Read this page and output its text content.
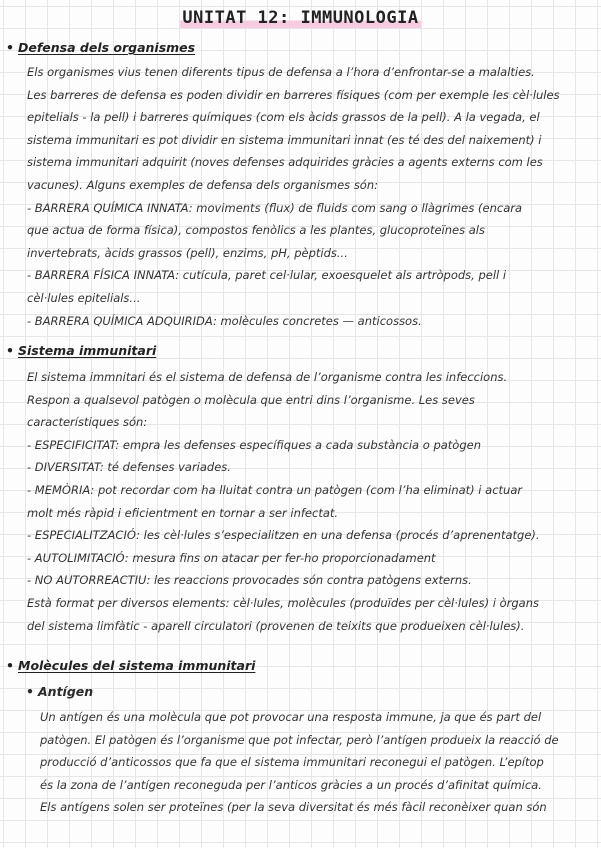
UNITAT 12: IMMUNOLOGIA
• Defensa dels organismes
Els organismes vius tenen diferents tipus de defensa a l’hora d’enfrontar-se a malalties.
Les barreres de defensa es poden dividir en barreres físiques (com per exemple les cèl·lules
epitelials - la pell) i barreres químiques (com els àcids grassos de la pell). A la vegada, el
sistema immunitari es pot dividir en sistema immunitari innat (es té des del naixement) i
sistema immunitari adquirit (noves defenses adquirides gràcies a agents externs com les
vacunes). Alguns exemples de defensa dels organismes són:
- BARRERA QUÍMICA INNATA: moviments (flux) de fluids com sang o llàgrimes (encara
que actua de forma física), compostos fenòlics a les plantes, glucoproteïnes als
invertebrats, àcids grassos (pell), enzims, pH, pèptids...
- BARRERA FÍSICA INNATA: cutícula, paret cel·lular, exoesquelet als artròpods, pell i
cèl·lules epitelials...
- BARRERA QUÍMICA ADQUIRIDA: molècules concretes — anticossos.
• Sistema immunitari
El sistema immnitari és el sistema de defensa de l’organisme contra les infeccions.
Respon a qualsevol patògen o molècula que entri dins l’organisme. Les seves
característiques són:
- ESPECIFICITAT: empra les defenses específiques a cada substància o patògen
- DIVERSITAT: té defenses variades.
- MEMÒRIA: pot recordar com ha lluitat contra un patògen (com l’ha eliminat) i actuar
molt més ràpid i eficientment en tornar a ser infectat.
- ESPECIALITZACIÓ: les cèl·lules s’especialitzen en una defensa (procés d’aprenentatge).
- AUTOLIMITACIÓ: mesura fins on atacar per fer-ho proporcionadament
- NO AUTORREACTIU: les reaccions provocades són contra patògens externs.
Està format per diversos elements: cèl·lules, molècules (produïdes per cèl·lules) i òrgans
del sistema limfàtic - aparell circulatori (provenen de teixits que produeixen cèl·lules).
• Molècules del sistema immunitari
• Antígen
Un antígen és una molècula que pot provocar una resposta immune, ja que és part del
patògen. El patògen és l’organisme que pot infectar, però l’antígen produeix la reacció de
producció d’anticossos que fa que el sistema immunitari reconegui el patògen. L’epítop
és la zona de l’antígen reconeguda per l’anticos gràcies a un procés d’afinitat química.
Els antígens solen ser proteïnes (per la seva diversitat és més fàcil reconèixer quan són
